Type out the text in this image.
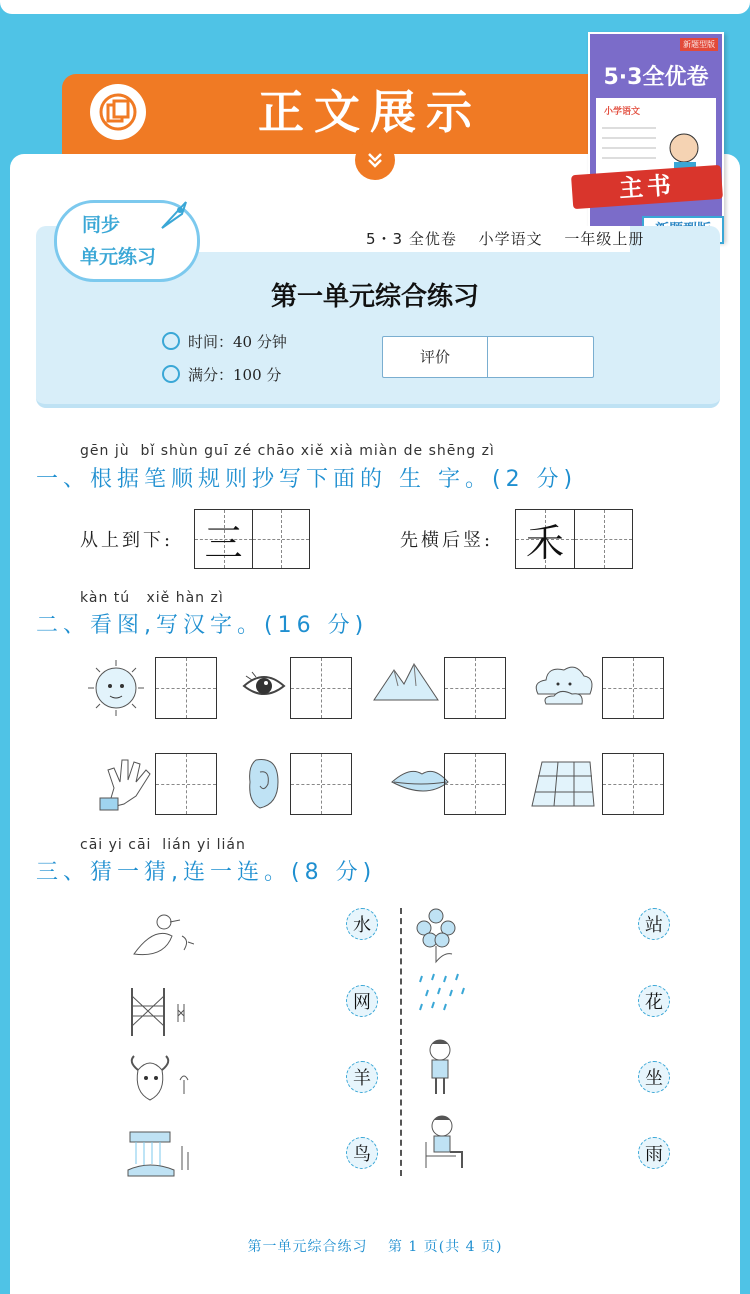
正文展示
新题型版
5·3全优卷
小学语文
主书
5・3 全优卷　 小学语文　 一年级上册
同步
单元练习
第一单元综合练习
时间：40 分钟
满分：100 分
评价
gēn jù  bǐ shùn guī zé chāo xiě xià miàn de shēng zì
一、根据笔顺规则抄写下面的 生 字。(2 分)
从上到下: 三	先横后竖: 禾
kàn tú   xiě hàn zì
二、看图,写汉字。(16 分)
cāi yi cāi  lián yi lián
三、猜一猜,连一连。(8 分)
水
网
羊
鸟
站
花
坐
雨
第一单元综合练习　 第 1 页(共 4 页)
